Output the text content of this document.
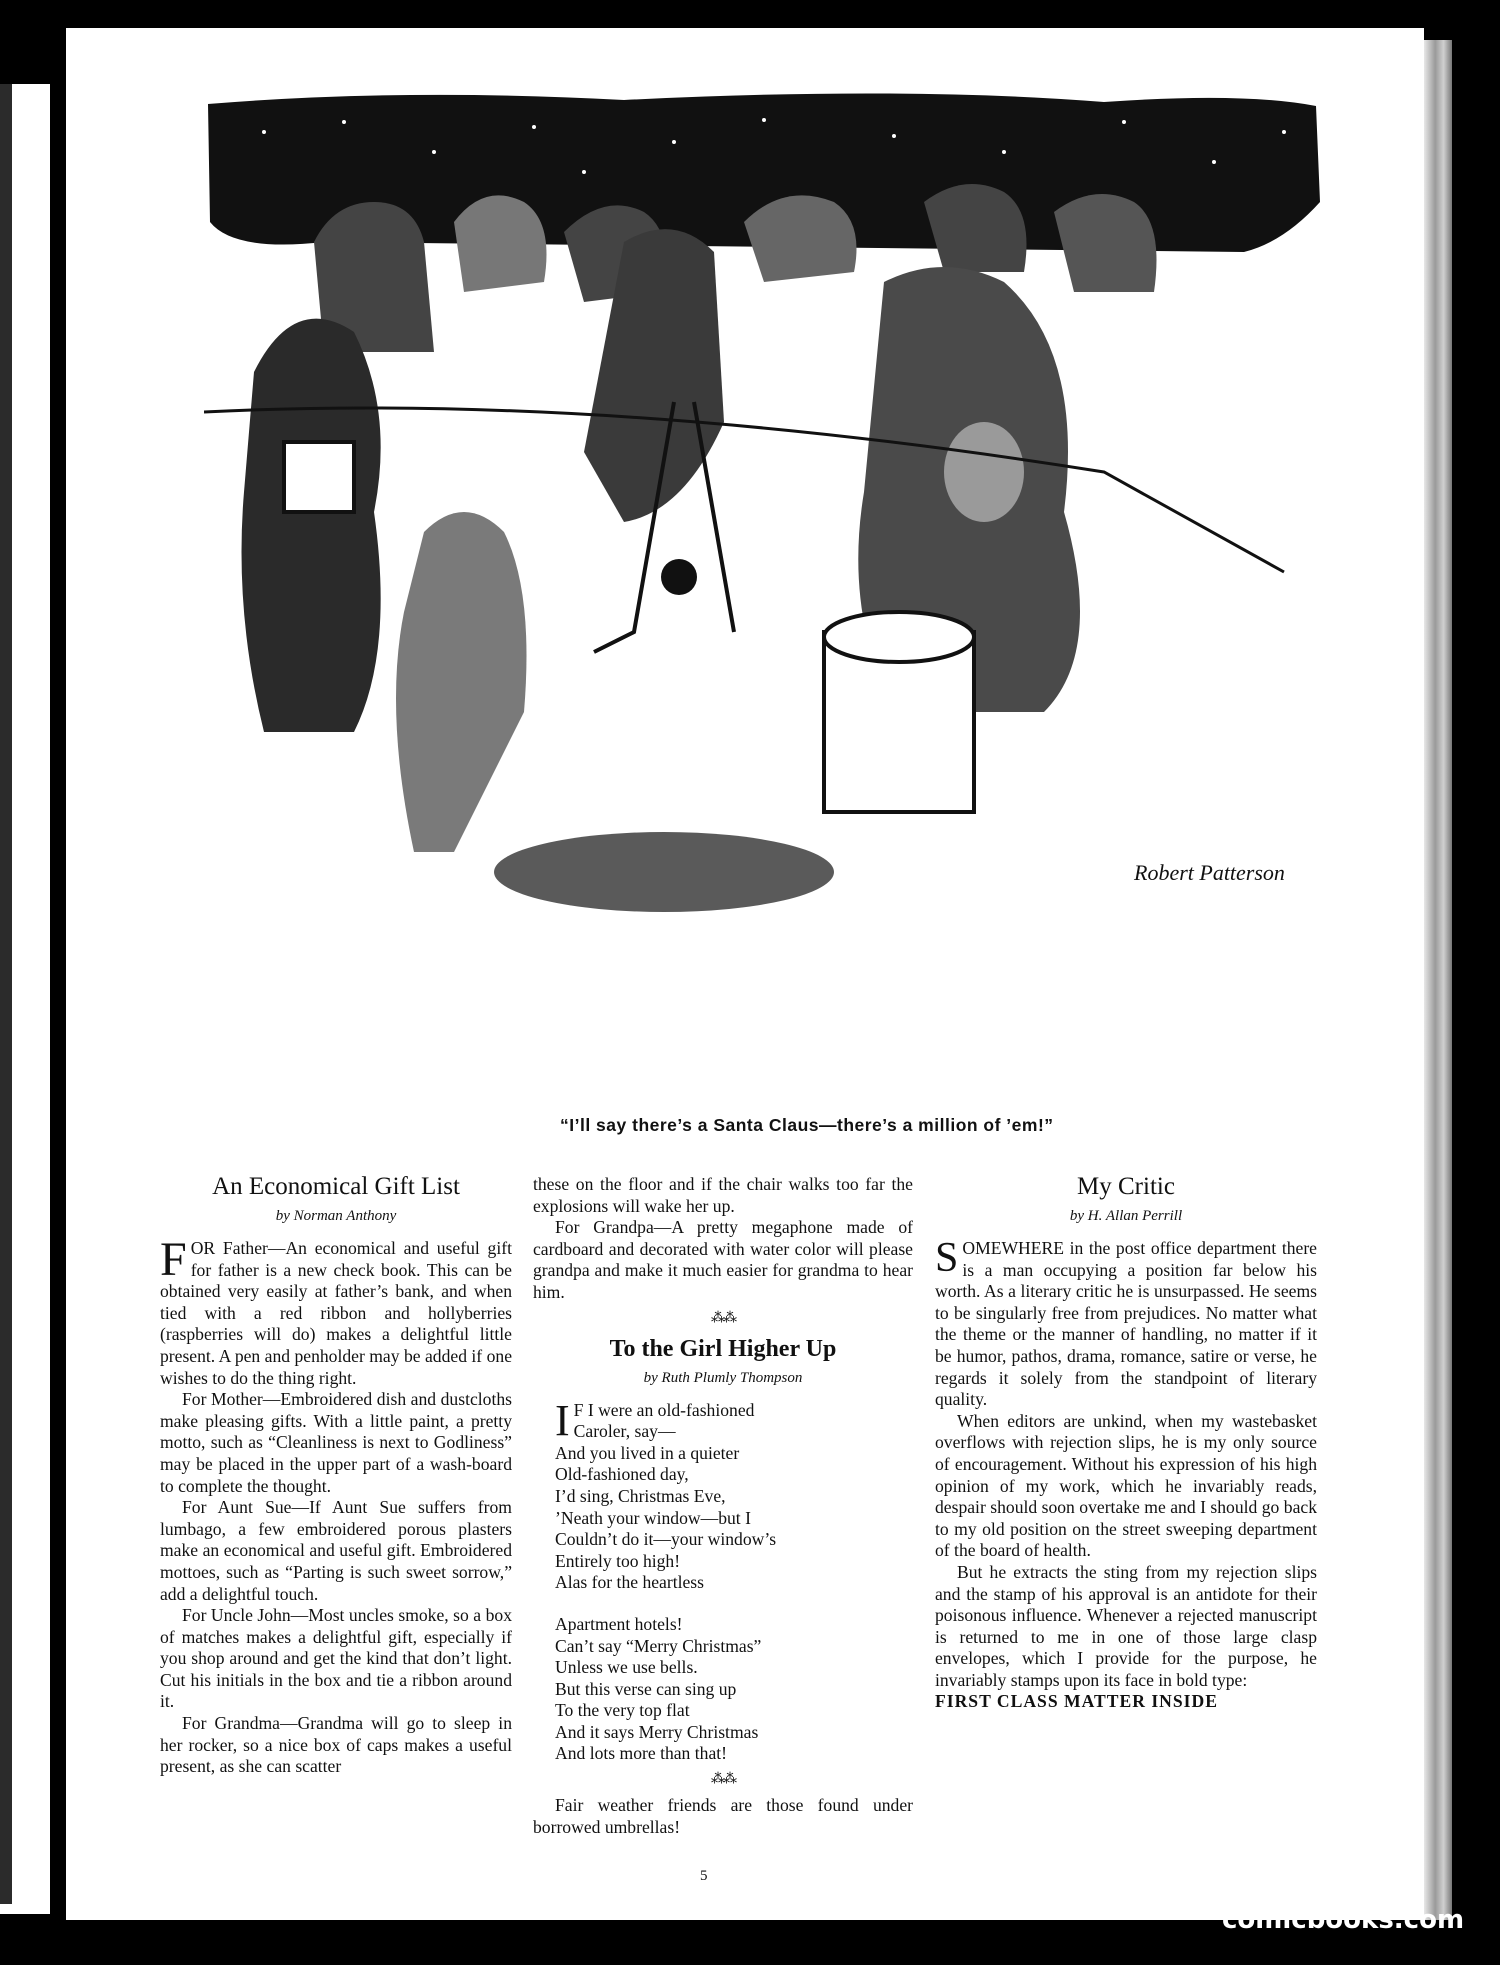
Robert Patterson
“I’ll say there’s a Santa Claus—there’s a million of ’em!”
An Economical Gift List
by Norman Anthony
F OR Father—An economical and useful gift for father is a new check book. This can be obtained very easily at father’s bank, and when tied with a red ribbon and hollyberries (raspberries will do) makes a delightful little present. A pen and penholder may be added if one wishes to do the thing right.

For Mother—Embroidered dish and dustcloths make pleasing gifts. With a little paint, a pretty motto, such as “Cleanliness is next to Godliness” may be placed in the upper part of a wash-board to complete the thought.

For Aunt Sue—If Aunt Sue suffers from lumbago, a few embroidered porous plasters make an economical and useful gift. Embroidered mottoes, such as “Parting is such sweet sorrow,” add a delightful touch.

For Uncle John—Most uncles smoke, so a box of matches makes a delightful gift, especially if you shop around and get the kind that don’t light. Cut his initials in the box and tie a ribbon around it.

For Grandma—Grandma will go to sleep in her rocker, so a nice box of caps makes a useful present, as she can scatter

these on the floor and if the chair walks too far the explosions will wake her up.

For Grandpa—A pretty megaphone made of cardboard and decorated with water color will please grandpa and make it much easier for grandma to hear him.

⁂⁂
To the Girl Higher Up
by Ruth Plumly Thompson
I F I were an old-fashioned
Caroler, say—
And you lived in a quieter
Old-fashioned day,
I’d sing, Christmas Eve,
’Neath your window—but I
Couldn’t do it—your window’s
Entirely too high!
Alas for the heartless
Apartment hotels!
Can’t say “Merry Christmas”
Unless we use bells.
But this verse can sing up
To the very top flat
And it says Merry Christmas
And lots more than that!
⁂⁂

Fair weather friends are those found under borrowed umbrellas!

My Critic
by H. Allan Perrill
S OMEWHERE in the post office department there is a man occupying a position far below his worth. As a literary critic he is unsurpassed. He seems to be singularly free from prejudices. No matter what the theme or the manner of handling, no matter if it be humor, pathos, drama, romance, satire or verse, he regards it solely from the standpoint of literary quality.

When editors are unkind, when my wastebasket overflows with rejection slips, he is my only source of encouragement. Without his expression of his high opinion of my work, which he invariably reads, despair should soon overtake me and I should go back to my old position on the street sweeping department of the board of health.

But he extracts the sting from my rejection slips and the stamp of his approval is an antidote for their poisonous influence. Whenever a rejected manuscript is returned to me in one of those large clasp envelopes, which I provide for the purpose, he invariably stamps upon its face in bold type:

FIRST CLASS MATTER INSIDE

5
comicbooks.com
